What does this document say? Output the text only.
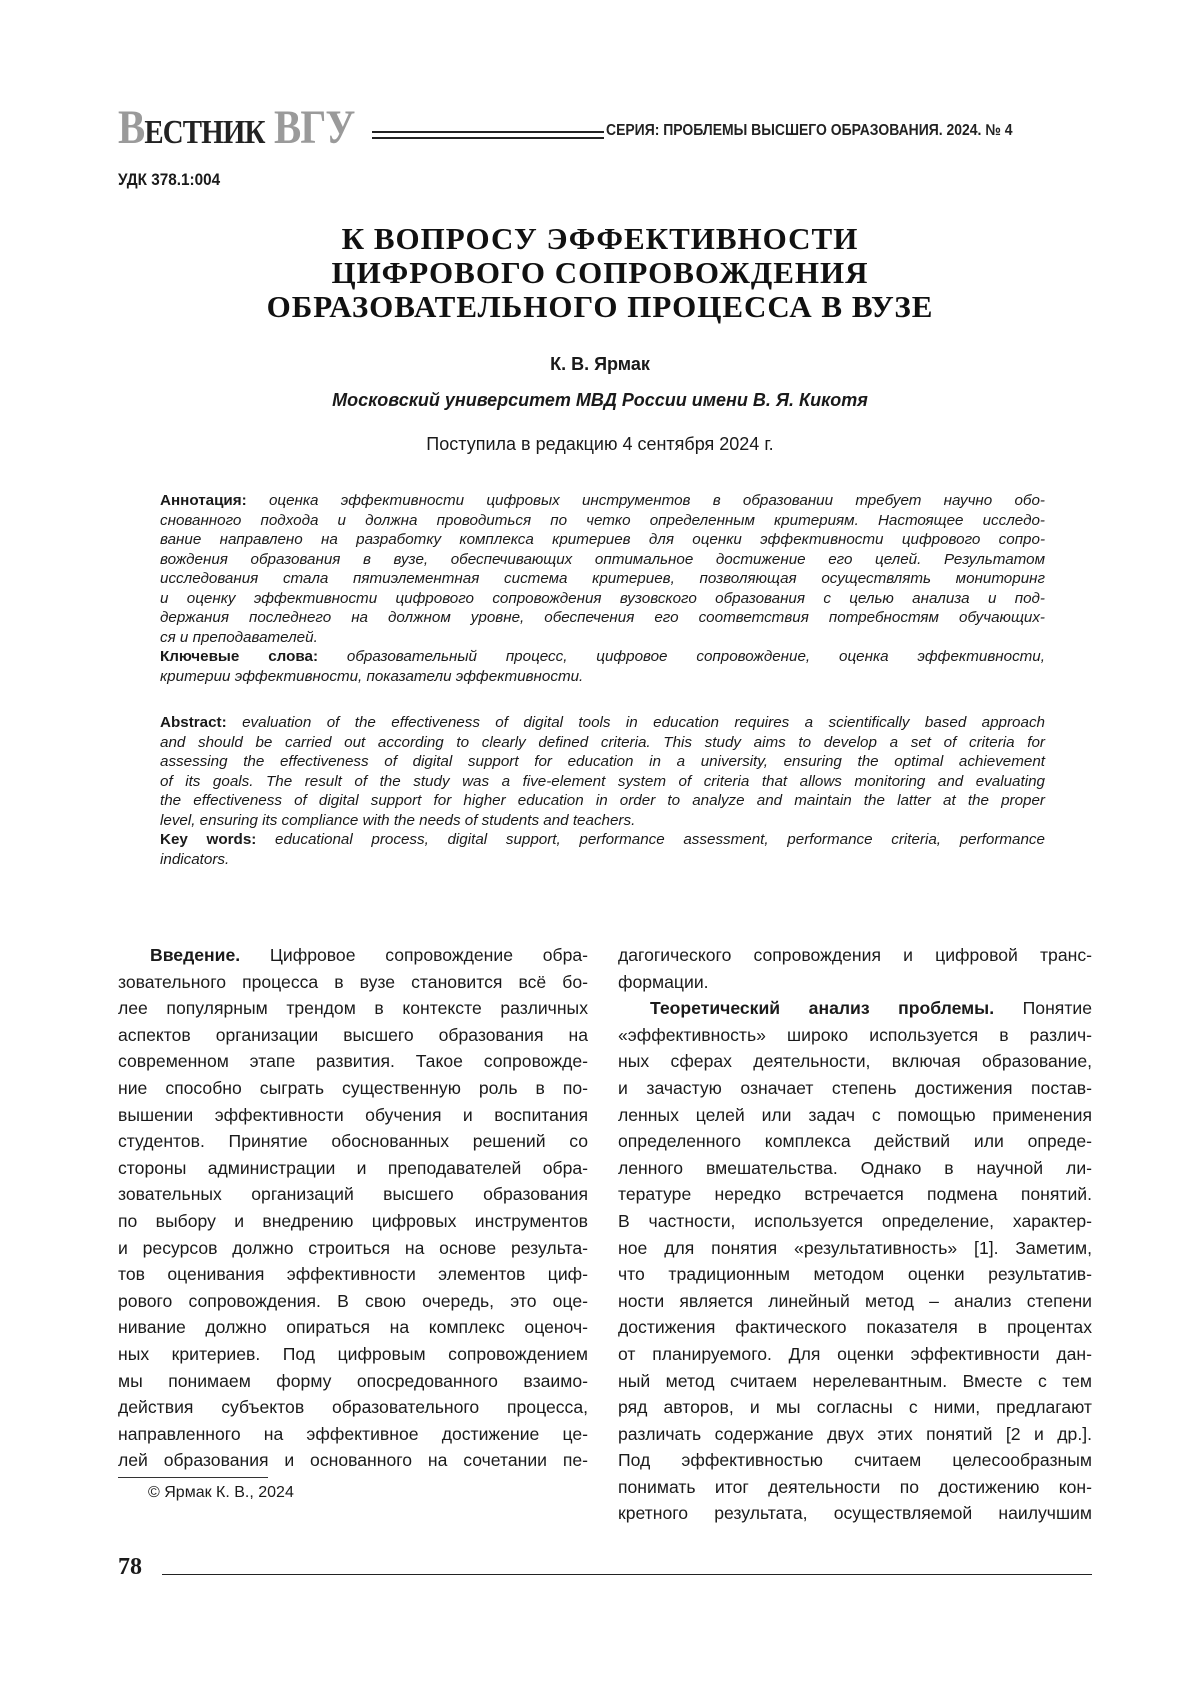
ВЕСТНИК ВГУ	СЕРИЯ: ПРОБЛЕМЫ ВЫСШЕГО ОБРАЗОВАНИЯ. 2024. № 4
УДК 378.1:004
К ВОПРОСУ ЭФФЕКТИВНОСТИ
ЦИФРОВОГО СОПРОВОЖДЕНИЯ
ОБРАЗОВАТЕЛЬНОГО ПРОЦЕССА В ВУЗЕ
К. В. Ярмак
Московский университет МВД России имени В. Я. Кикотя
Поступила в редакцию 4 сентября 2024 г.
Аннотация: оценка эффективности цифровых инструментов в образовании требует научно обо-
снованного подхода и должна проводиться по четко определенным критериям. Настоящее исследо-
вание направлено на разработку комплекса критериев для оценки эффективности цифрового сопро-
вождения образования в вузе, обеспечивающих оптимальное достижение его целей. Результатом
исследования стала пятиэлементная система критериев, позволяющая осуществлять мониторинг
и оценку эффективности цифрового сопровождения вузовского образования с целью анализа и под-
держания последнего на должном уровне, обеспечения его соответствия потребностям обучающих-
ся и преподавателей.
Ключевые слова: образовательный процесс, цифровое сопровождение, оценка эффективности,
критерии эффективности, показатели эффективности.
Abstract: evaluation of the effectiveness of digital tools in education requires a scientifically based approach
and should be carried out according to clearly defined criteria. This study aims to develop a set of criteria for
assessing the effectiveness of digital support for education in a university, ensuring the optimal achievement
of its goals. The result of the study was a five-element system of criteria that allows monitoring and evaluating
the effectiveness of digital support for higher education in order to analyze and maintain the latter at the proper
level, ensuring its compliance with the needs of students and teachers.
Key words: educational process, digital support, performance assessment, performance criteria, performance
indicators.
Введение. Цифровое сопровождение обра-
зовательного процесса в вузе становится всё бо-
лее популярным трендом в контексте различных
аспектов организации высшего образования на
современном этапе развития. Такое сопровожде-
ние способно сыграть существенную роль в по-
вышении эффективности обучения и воспитания
студентов. Принятие обоснованных решений со
стороны администрации и преподавателей обра-
зовательных организаций высшего образования
по выбору и внедрению цифровых инструментов
и ресурсов должно строиться на основе результа-
тов оценивания эффективности элементов циф-
рового сопровождения. В свою очередь, это оце-
нивание должно опираться на комплекс оценоч-
ных критериев. Под цифровым сопровождением
мы понимаем форму опосредованного взаимо-
действия субъектов образовательного процесса,
направленного на эффективное достижение це-
лей образования и основанного на сочетании пе-
дагогического сопровождения и цифровой транс-
формации.
Теоретический анализ проблемы. Понятие
«эффективность» широко используется в различ-
ных сферах деятельности, включая образование,
и зачастую означает степень достижения постав-
ленных целей или задач с помощью применения
определенного комплекса действий или опреде-
ленного вмешательства. Однако в научной ли-
тературе нередко встречается подмена понятий.
В частности, используется определение, характер-
ное для понятия «результативность» [1]. Заметим,
что традиционным методом оценки результатив-
ности является линейный метод – анализ степени
достижения фактического показателя в процентах
от планируемого. Для оценки эффективности дан-
ный метод считаем нерелевантным. Вместе с тем
ряд авторов, и мы согласны с ними, предлагают
различать содержание двух этих понятий [2 и др.].
Под эффективностью считаем целесообразным
понимать итог деятельности по достижению кон-
кретного результата, осуществляемой наилучшим
© Ярмак К. В., 2024
78
